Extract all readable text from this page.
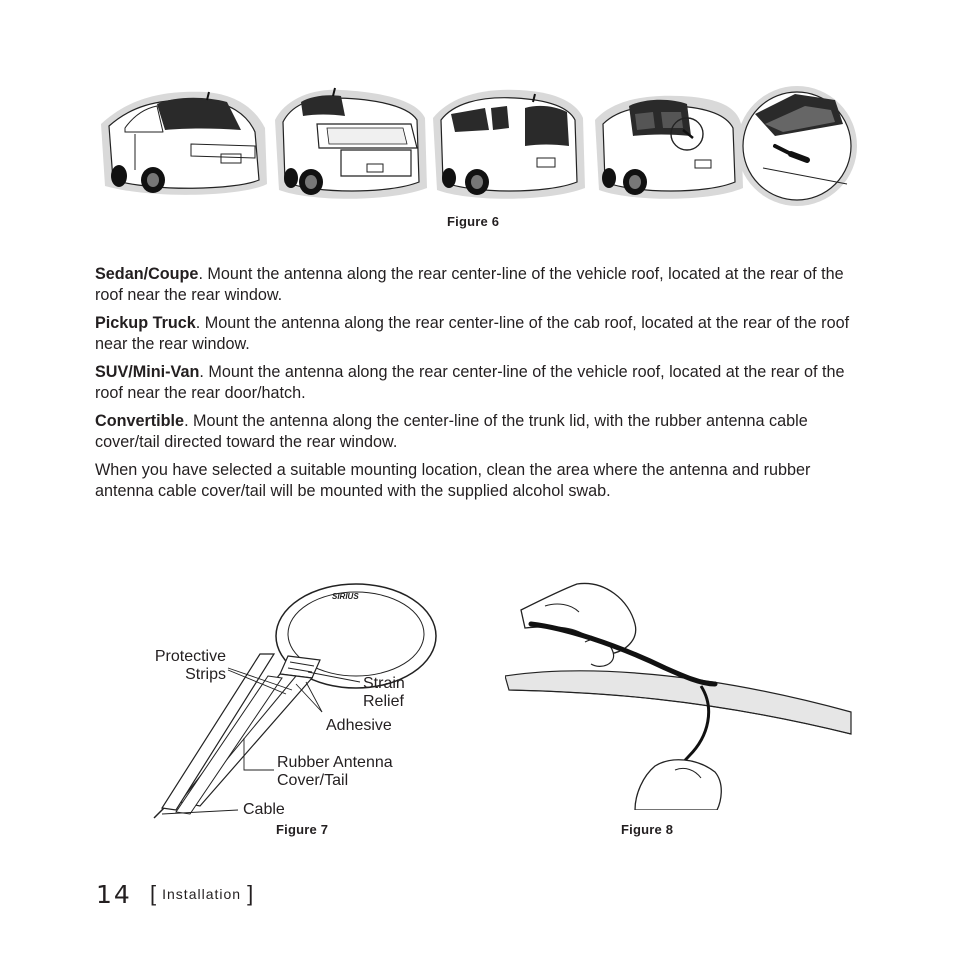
Figure 6

Sedan/Coupe. Mount the antenna along the rear center-line of the vehicle roof, located at the rear of the roof near the rear window.

Pickup Truck. Mount the antenna along the rear center-line of the cab roof, located at the rear of the roof near the rear window.

SUV/Mini-Van. Mount the antenna along the rear center-line of the vehicle roof, located at the rear of the roof near the rear door/hatch.

Convertible. Mount the antenna along the center-line of the trunk lid, with the rubber antenna cable cover/tail directed toward the rear window.

When you have selected a suitable mounting location, clean the area where the antenna and rubber antenna cable cover/tail will be mounted with the supplied alcohol swab.

SIRIUS
Protective
Strips
Strain
Relief
Adhesive
Rubber Antenna
Cover/Tail
Cable
Figure 7	Figure 8
14 [ Installation ]
